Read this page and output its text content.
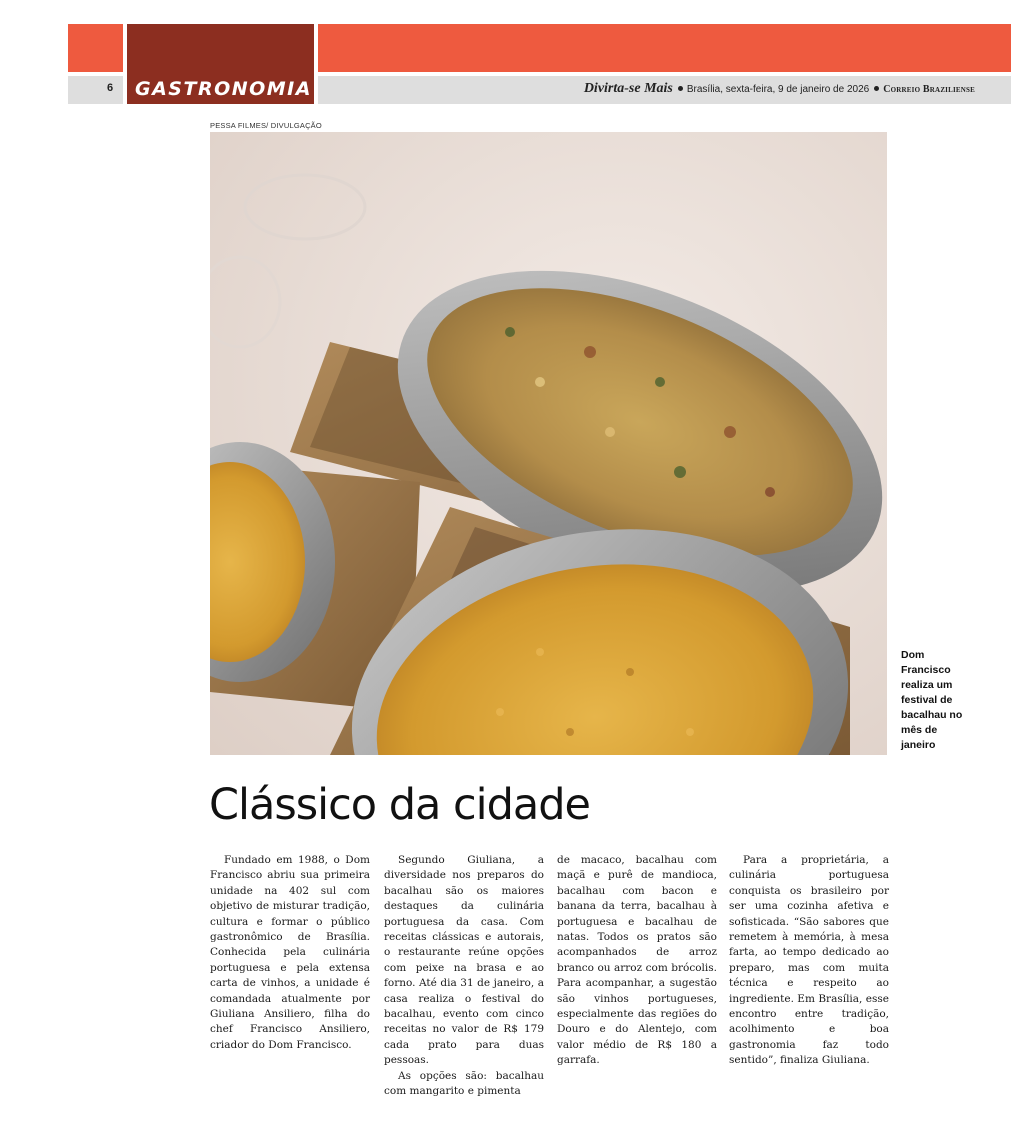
GASTRONOMIA
6	Divirta-se Mais Brasília, sexta-feira, 9 de janeiro de 2026 Correio Braziliense
PESSA FILMES/ DIVULGAÇÃO
Dom Francisco realiza um festival de bacalhau no mês de janeiro
Clássico da cidade

Fundado em 1988, o Dom Francisco abriu sua primeira unidade na 402 sul com objetivo de misturar tradição, cultura e formar o público gastronômico de Brasília. Conhecida pela culinária portuguesa e pela extensa carta de vinhos, a unidade é comandada atualmente por Giuliana Ansiliero, filha do chef Francisco Ansiliero, criador do Dom Francisco.

Segundo Giuliana, a diversidade nos preparos do bacalhau são os maiores destaques da culinária portuguesa da casa. Com receitas clássicas e autorais, o restaurante reúne opções com peixe na brasa e ao forno. Até dia 31 de janeiro, a casa realiza o festival do bacalhau, evento com cinco receitas no valor de R$ 179 cada prato para duas pessoas.

As opções são: bacalhau com mangarito e pimenta

de macaco, bacalhau com maçã e purê de mandioca, bacalhau com bacon e banana da terra, bacalhau à portuguesa e bacalhau de natas. Todos os pratos são acompanhados de arroz branco ou arroz com brócolis. Para acompanhar, a sugestão são vinhos portugueses, especialmente das regiões do Douro e do Alentejo, com valor médio de R$ 180 a garrafa.

Para a proprietária, a culinária portuguesa conquista os brasileiro por ser uma cozinha afetiva e sofisticada. “São sabores que remetem à memória, à mesa farta, ao tempo dedicado ao preparo, mas com muita técnica e respeito ao ingrediente. Em Brasília, esse encontro entre tradição, acolhimento e boa gastronomia faz todo sentido”, finaliza Giuliana.
